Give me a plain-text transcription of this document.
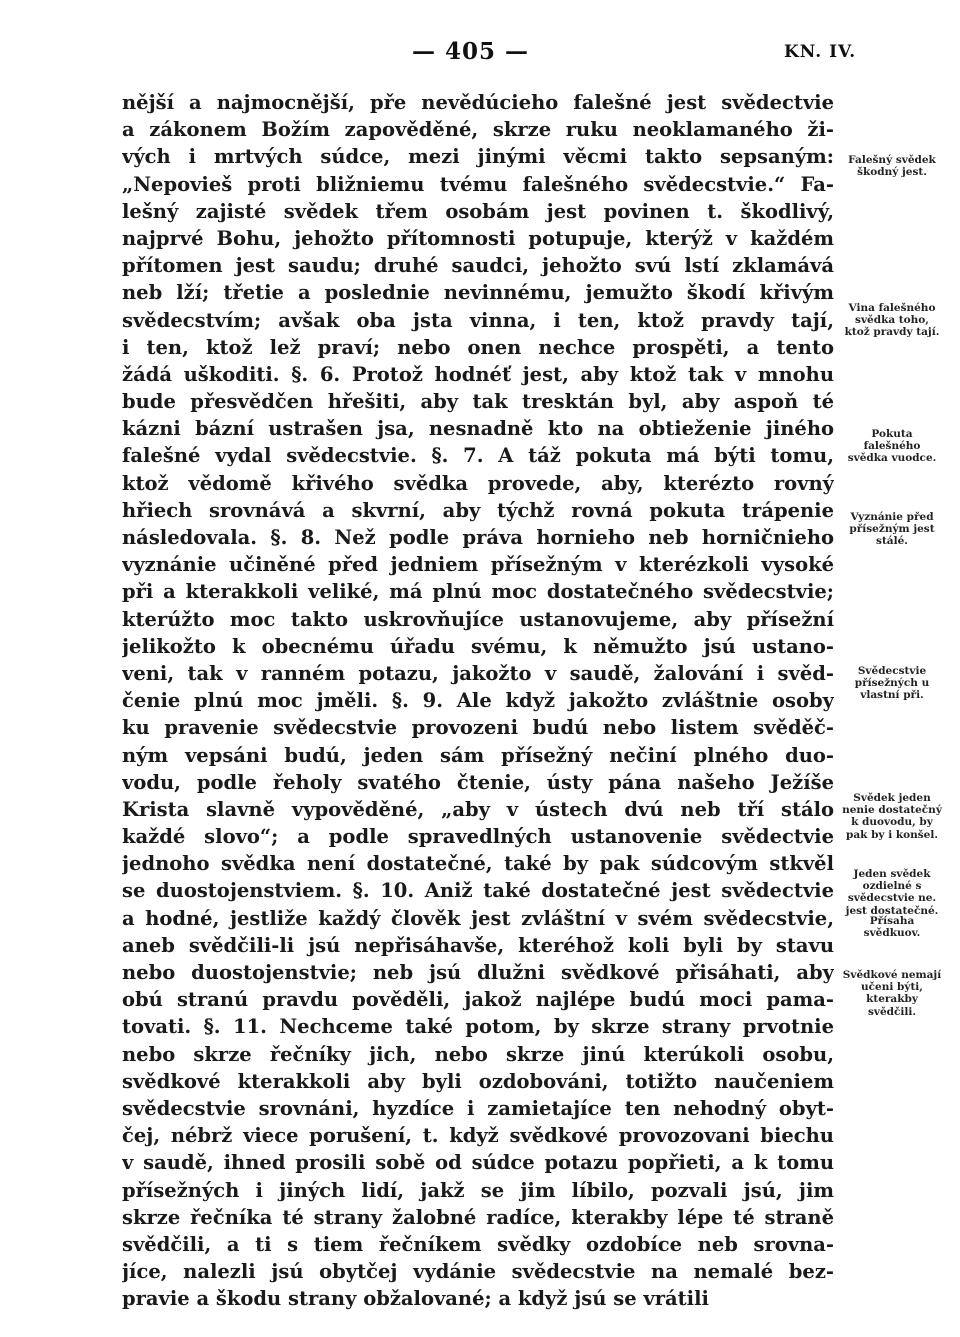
— 405 —	KN. IV.
nější a najmocnější, pře nevědúcieho falešné jest svědectvie
a zákonem Božím zapověděné, skrze ruku neoklamaného ži-
vých i mrtvých súdce, mezi jinými věcmi takto sepsaným:
„Nepovieš proti bližniemu tvému falešného svědecstvie.“ Fa-
lešný zajisté svědek třem osobám jest povinen t. škodlivý,
najprvé Bohu, jehožto přítomnosti potupuje, kterýž v každém
přítomen jest saudu; druhé saudci, jehožto svú lstí zklamává
neb lží; třetie a poslednie nevinnému, jemužto škodí křivým
svědecstvím; avšak oba jsta vinna, i ten, ktož pravdy tají,
i ten, ktož lež praví; nebo onen nechce prospěti, a tento
žádá uškoditi. §. 6. Protož hodnéť jest, aby ktož tak v mnohu
bude přesvědčen hřešiti, aby tak tresktán byl, aby aspoň té
kázni bázní ustrašen jsa, nesnadně kto na obtieženie jiného
falešné vydal svědecstvie. §. 7. A táž pokuta má býti tomu,
ktož vědomě křivého svědka provede, aby, kterézto rovný
hřiech srovnává a skvrní, aby týchž rovná pokuta trápenie
následovala. §. 8. Než podle práva hornieho neb horničnieho
vyznánie učiněné před jedniem přísežným v kterézkoli vysoké
při a kterakkoli veliké, má plnú moc dostatečného svědecstvie;
kterúžto moc takto uskrovňujíce ustanovujeme, aby přísežní
jelikožto k obecnému úřadu svému, k němužto jsú ustano-
veni, tak v ranném potazu, jakožto v saudě, žalování i svěd-
čenie plnú moc jměli. §. 9. Ale když jakožto zvláštnie osoby
ku pravenie svědecstvie provozeni budú nebo listem svěděč-
ným vepsáni budú, jeden sám přísežný nečiní plného duo-
vodu, podle řeholy svatého čtenie, ústy pána našeho Ježíše
Krista slavně vypověděné, „aby v ústech dvú neb tří stálo
každé slovo“; a podle spravedlných ustanovenie svědectvie
jednoho svědka není dostatečné, také by pak súdcovým stkvěl
se duostojenstviem. §. 10. Aniž také dostatečné jest svědectvie
a hodné, jestliže každý člověk jest zvláštní v svém svědecstvie,
aneb svědčili-li jsú nepřisáhavše, kteréhož koli byli by stavu
nebo duostojenstvie; neb jsú dlužni svědkové přisáhati, aby
obú stranú pravdu pověděli, jakož najlépe budú moci pama-
tovati. §. 11. Nechceme také potom, by skrze strany prvotnie
nebo skrze řečníky jich, nebo skrze jinú kterúkoli osobu,
svědkové kterakkoli aby byli ozdobováni, totižto naučeniem
svědecstvie srovnáni, hyzdíce i zamietajíce ten nehodný obyt-
čej, nébrž viece porušení, t. když svědkové provozovani biechu
v saudě, ihned prosili sobě od súdce potazu popřieti, a k tomu
přísežných i jiných lidí, jakž se jim líbilo, pozvali jsú, jim
skrze řečníka té strany žalobné radíce, kterakby lépe té straně
svědčili, a ti s tiem řečníkem svědky ozdobíce neb srovna-
jíce, nalezli jsú obytčej vydánie svědecstvie na nemalé bez-
pravie a škodu strany obžalované; a když jsú se vrátili
Falešný svědek škodný jest.
Vina falešného svědka toho, ktož pravdy tají.
Pokuta falešného svědka vuodce.
Vyznánie před přísežným jest stálé.
Svědecstvie přísežných u vlastní při.
Svědek jeden nenie dostatečný k duovodu, by pak by i konšel.
Jeden svědek ozdielné s svědecstvie ne. jest dostatečné.
Přísaha svědkuov.
Svědkové nemají učeni býti, kterakby svědčili.
